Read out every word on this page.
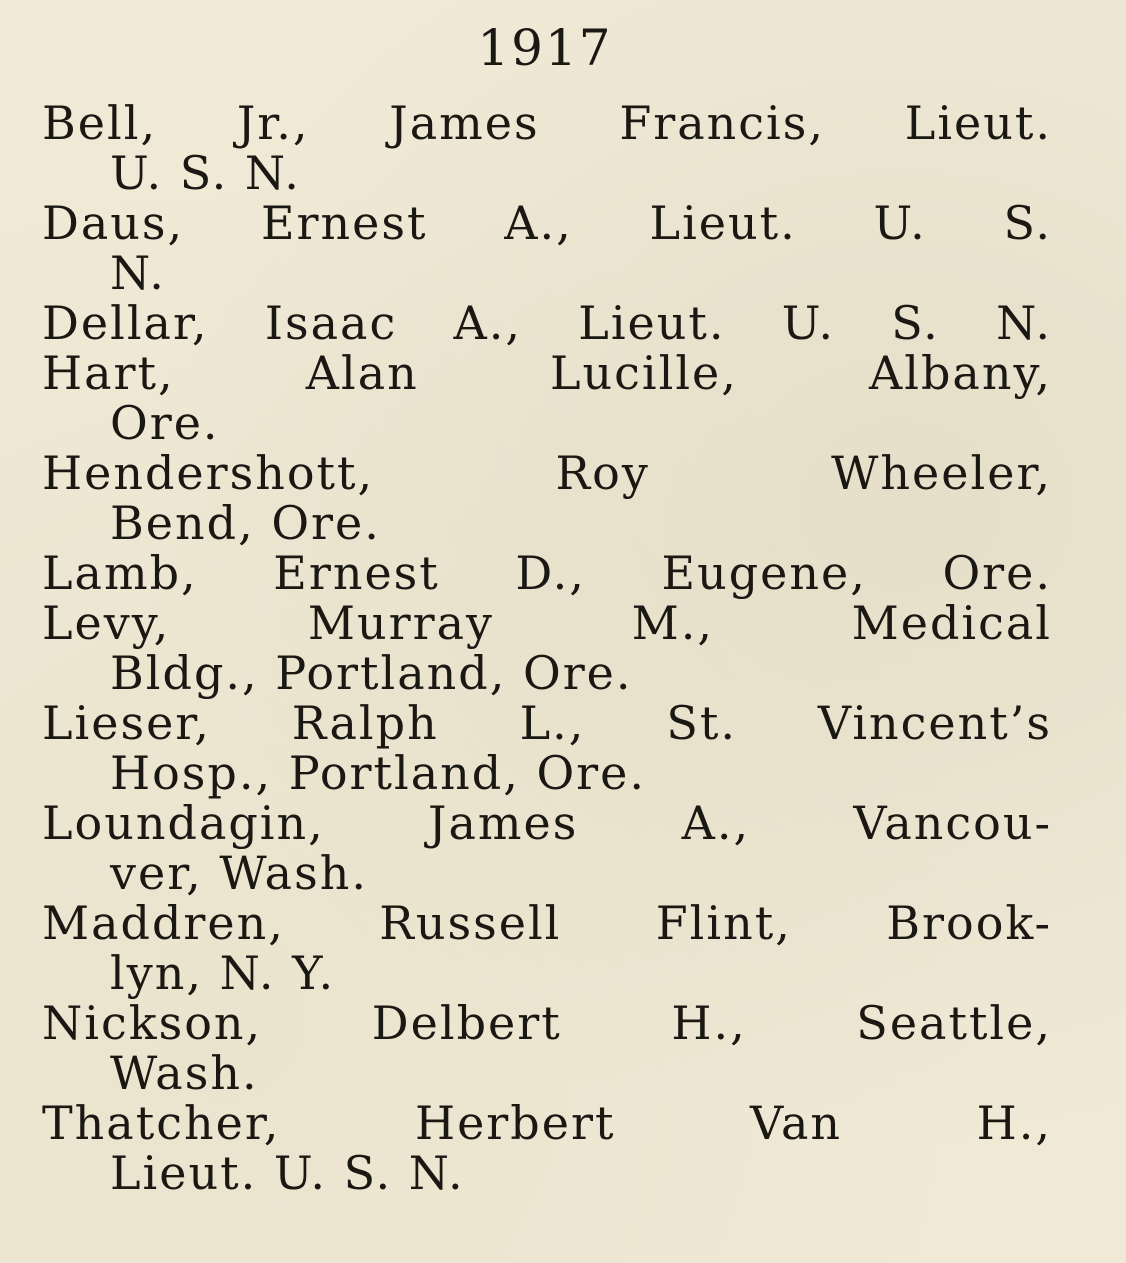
1917
Bell, Jr., James Francis, Lieut.
U. S. N.
Daus, Ernest A., Lieut. U. S.
N.
Dellar, Isaac A., Lieut. U. S. N.
Hart, Alan Lucille, Albany,
Ore.
Hendershott, Roy Wheeler,
Bend, Ore.
Lamb, Ernest D., Eugene, Ore.
Levy, Murray M., Medical
Bldg., Portland, Ore.
Lieser, Ralph L., St. Vincent’s
Hosp., Portland, Ore.
Loundagin, James A., Vancou-
ver, Wash.
Maddren, Russell Flint, Brook-
lyn, N. Y.
Nickson, Delbert H., Seattle,
Wash.
Thatcher, Herbert Van H.,
Lieut. U. S. N.
